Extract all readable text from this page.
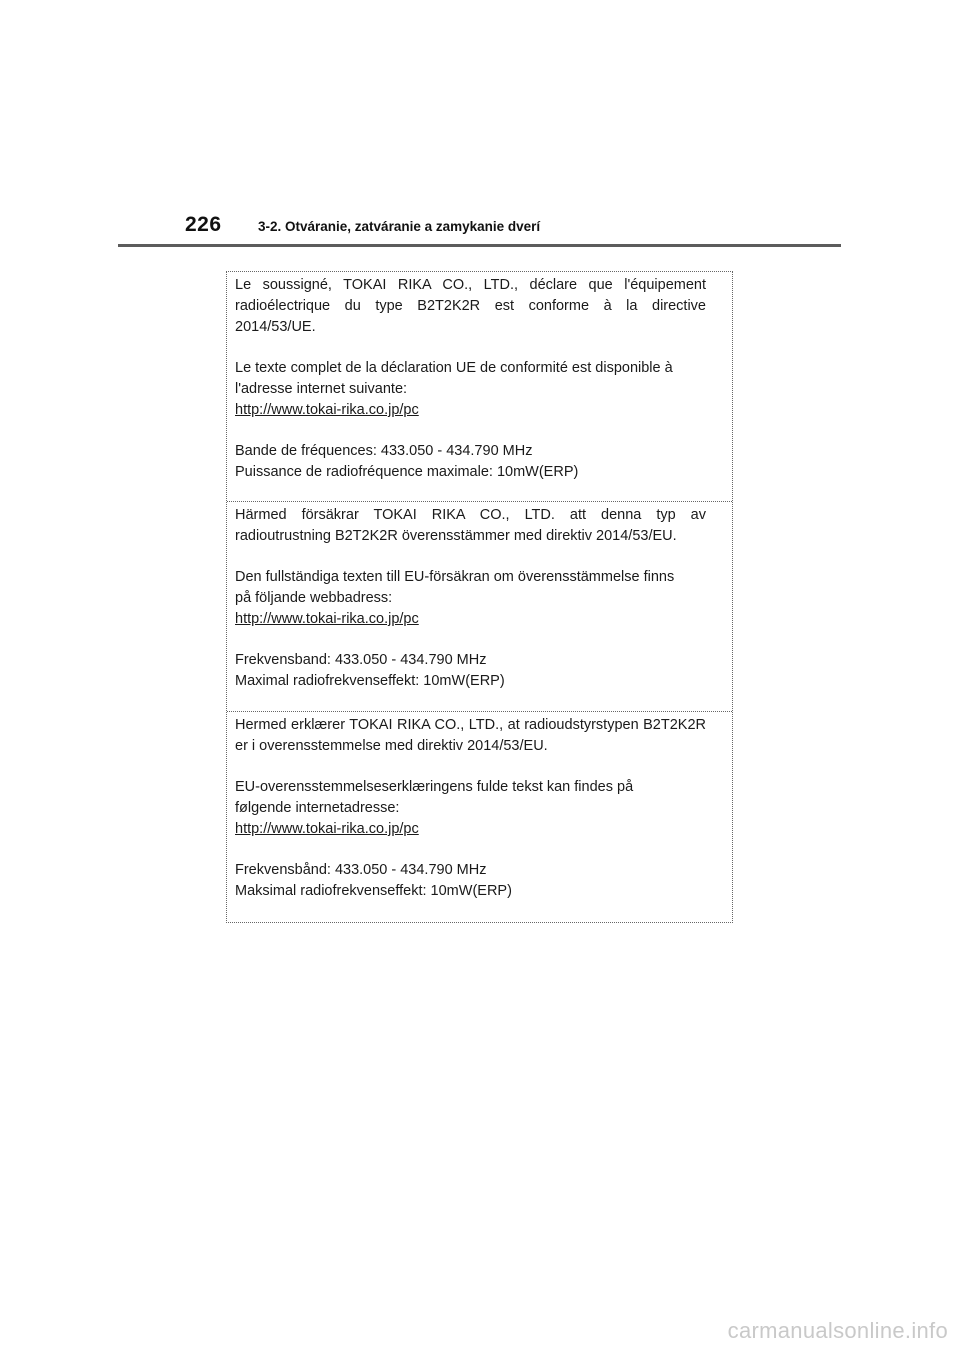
226	3-2. Otváranie, zatváranie a zamykanie dverí

Le soussigné, TOKAI RIKA CO., LTD., déclare que l'équipement radioélectrique du type B2T2K2R est conforme à la directive 2014/53/UE.

Le texte complet de la déclaration UE de conformité est disponible à
l'adresse internet suivante:

http://www.tokai-rika.co.jp/pc

Bande de fréquences: 433.050 - 434.790 MHz
Puissance de radiofréquence maximale: 10mW(ERP)

Härmed försäkrar TOKAI RIKA CO., LTD. att denna typ av radioutrustning B2T2K2R överensstämmer med direktiv 2014/53/EU.

Den fullständiga texten till EU-försäkran om överensstämmelse finns
på följande webbadress:

http://www.tokai-rika.co.jp/pc

Frekvensband: 433.050 - 434.790 MHz
Maximal radiofrekvenseffekt: 10mW(ERP)

Hermed erklærer TOKAI RIKA CO., LTD., at radioudstyrstypen B2T2K2R er i overensstemmelse med direktiv 2014/53/EU.

EU-overensstemmelseserklæringens fulde tekst kan findes på
følgende internetadresse:

http://www.tokai-rika.co.jp/pc

Frekvensbånd: 433.050 - 434.790 MHz
Maksimal radiofrekvenseffekt: 10mW(ERP)

carmanualsonline.info
